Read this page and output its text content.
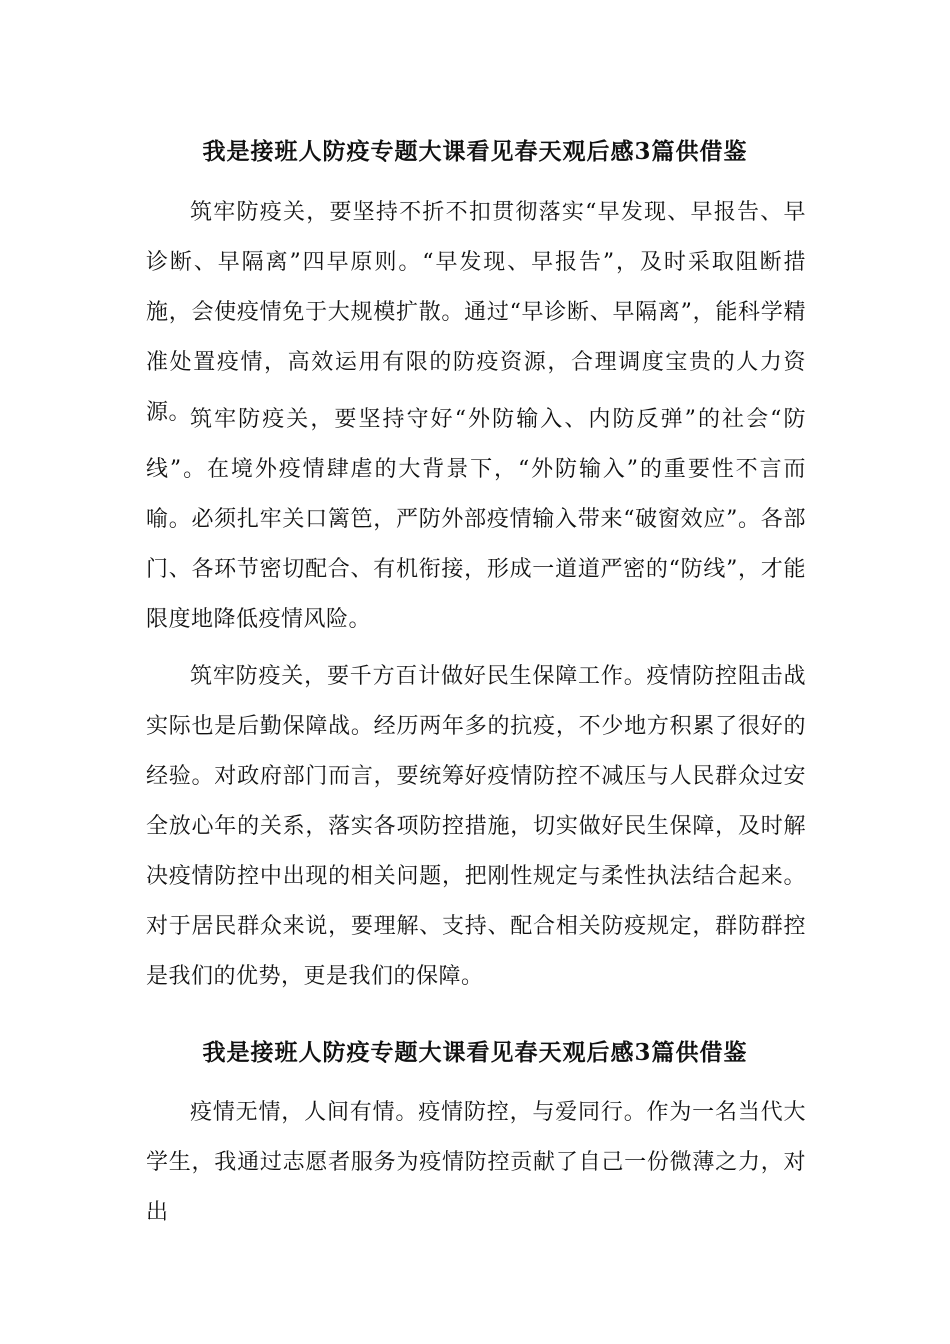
我是接班人防疫专题大课看见春天观后感3篇供借鉴

筑牢防疫关，要坚持不折不扣贯彻落实“早发现、早报告、早诊断、早隔离”四早原则。“早发现、早报告”，及时采取阻断措施，会使疫情免于大规模扩散。通过“早诊断、早隔离”，能科学精准处置疫情，高效运用有限的防疫资源，合理调度宝贵的人力资源。

筑牢防疫关，要坚持守好“外防输入、内防反弹”的社会“防线”。在境外疫情肆虐的大背景下，“外防输入”的重要性不言而喻。必须扎牢关口篱笆，严防外部疫情输入带来“破窗效应”。各部门、各环节密切配合、有机衔接，形成一道道严密的“防线”，才能限度地降低疫情风险。

筑牢防疫关，要千方百计做好民生保障工作。疫情防控阻击战实际也是后勤保障战。经历两年多的抗疫，不少地方积累了很好的经验。对政府部门而言，要统筹好疫情防控不减压与人民群众过安全放心年的关系，落实各项防控措施，切实做好民生保障，及时解决疫情防控中出现的相关问题，把刚性规定与柔性执法结合起来。对于居民群众来说，要理解、支持、配合相关防疫规定，群防群控是我们的优势，更是我们的保障。

我是接班人防疫专题大课看见春天观后感3篇供借鉴

疫情无情，人间有情。疫情防控，与爱同行。作为一名当代大学生，我通过志愿者服务为疫情防控贡献了自己一份微薄之力，对出
